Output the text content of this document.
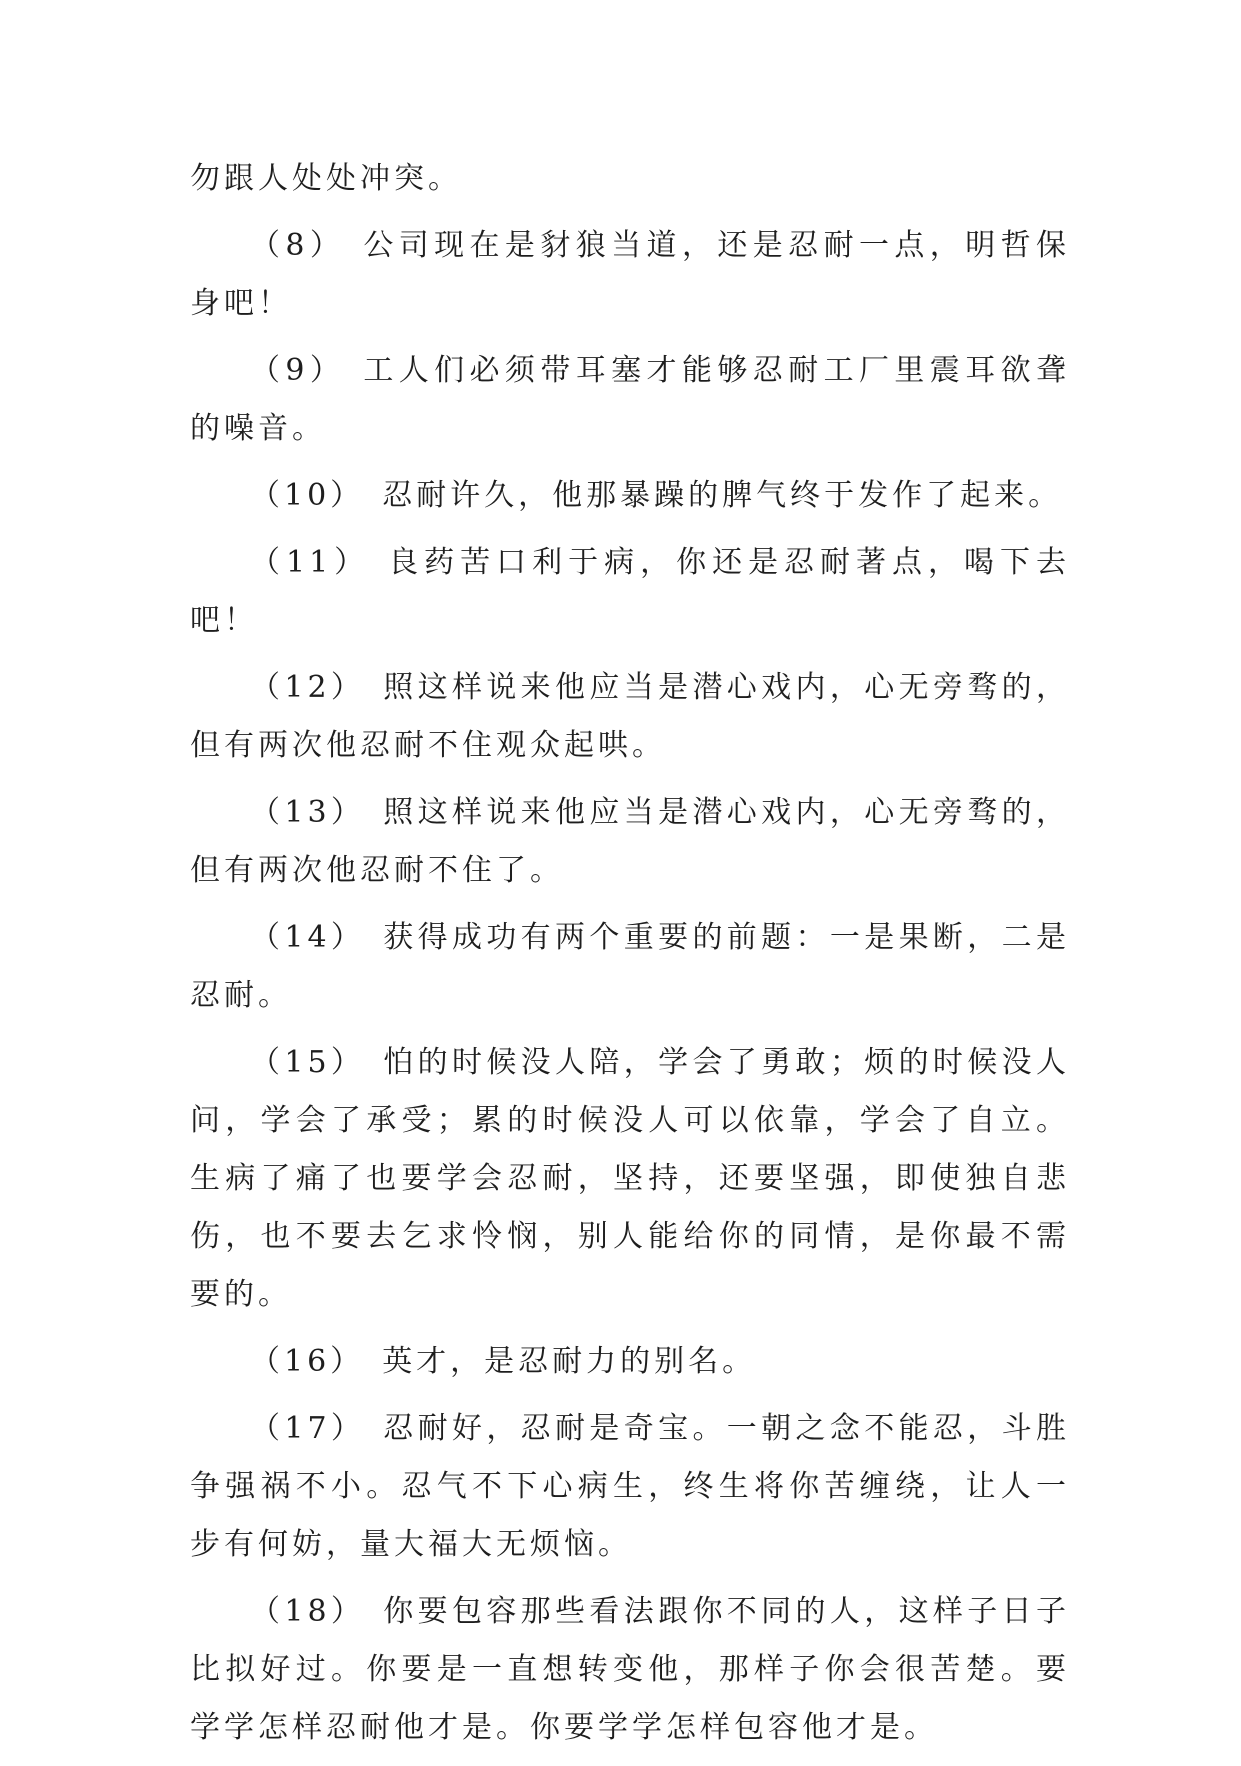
勿跟人处处冲突。

（8） 公司现在是豺狼当道，还是忍耐一点，明哲保身吧！

（9） 工人们必须带耳塞才能够忍耐工厂里震耳欲聋的噪音。

（10） 忍耐许久，他那暴躁的脾气终于发作了起来。

（11） 良药苦口利于病，你还是忍耐著点，喝下去吧！

（12） 照这样说来他应当是潜心戏内，心无旁骛的，但有两次他忍耐不住观众起哄。

（13） 照这样说来他应当是潜心戏内，心无旁骛的，但有两次他忍耐不住了。

（14） 获得成功有两个重要的前题：一是果断，二是忍耐。

（15） 怕的时候没人陪，学会了勇敢；烦的时候没人问，学会了承受；累的时候没人可以依靠，学会了自立。生病了痛了也要学会忍耐，坚持，还要坚强，即使独自悲伤，也不要去乞求怜悯，别人能给你的同情，是你最不需要的。

（16） 英才，是忍耐力的别名。

（17） 忍耐好，忍耐是奇宝。一朝之念不能忍，斗胜争强祸不小。忍气不下心病生，终生将你苦缠绕，让人一步有何妨，量大福大无烦恼。

（18） 你要包容那些看法跟你不同的人，这样子日子比拟好过。你要是一直想转变他，那样子你会很苦楚。要学学怎样忍耐他才是。你要学学怎样包容他才是。
